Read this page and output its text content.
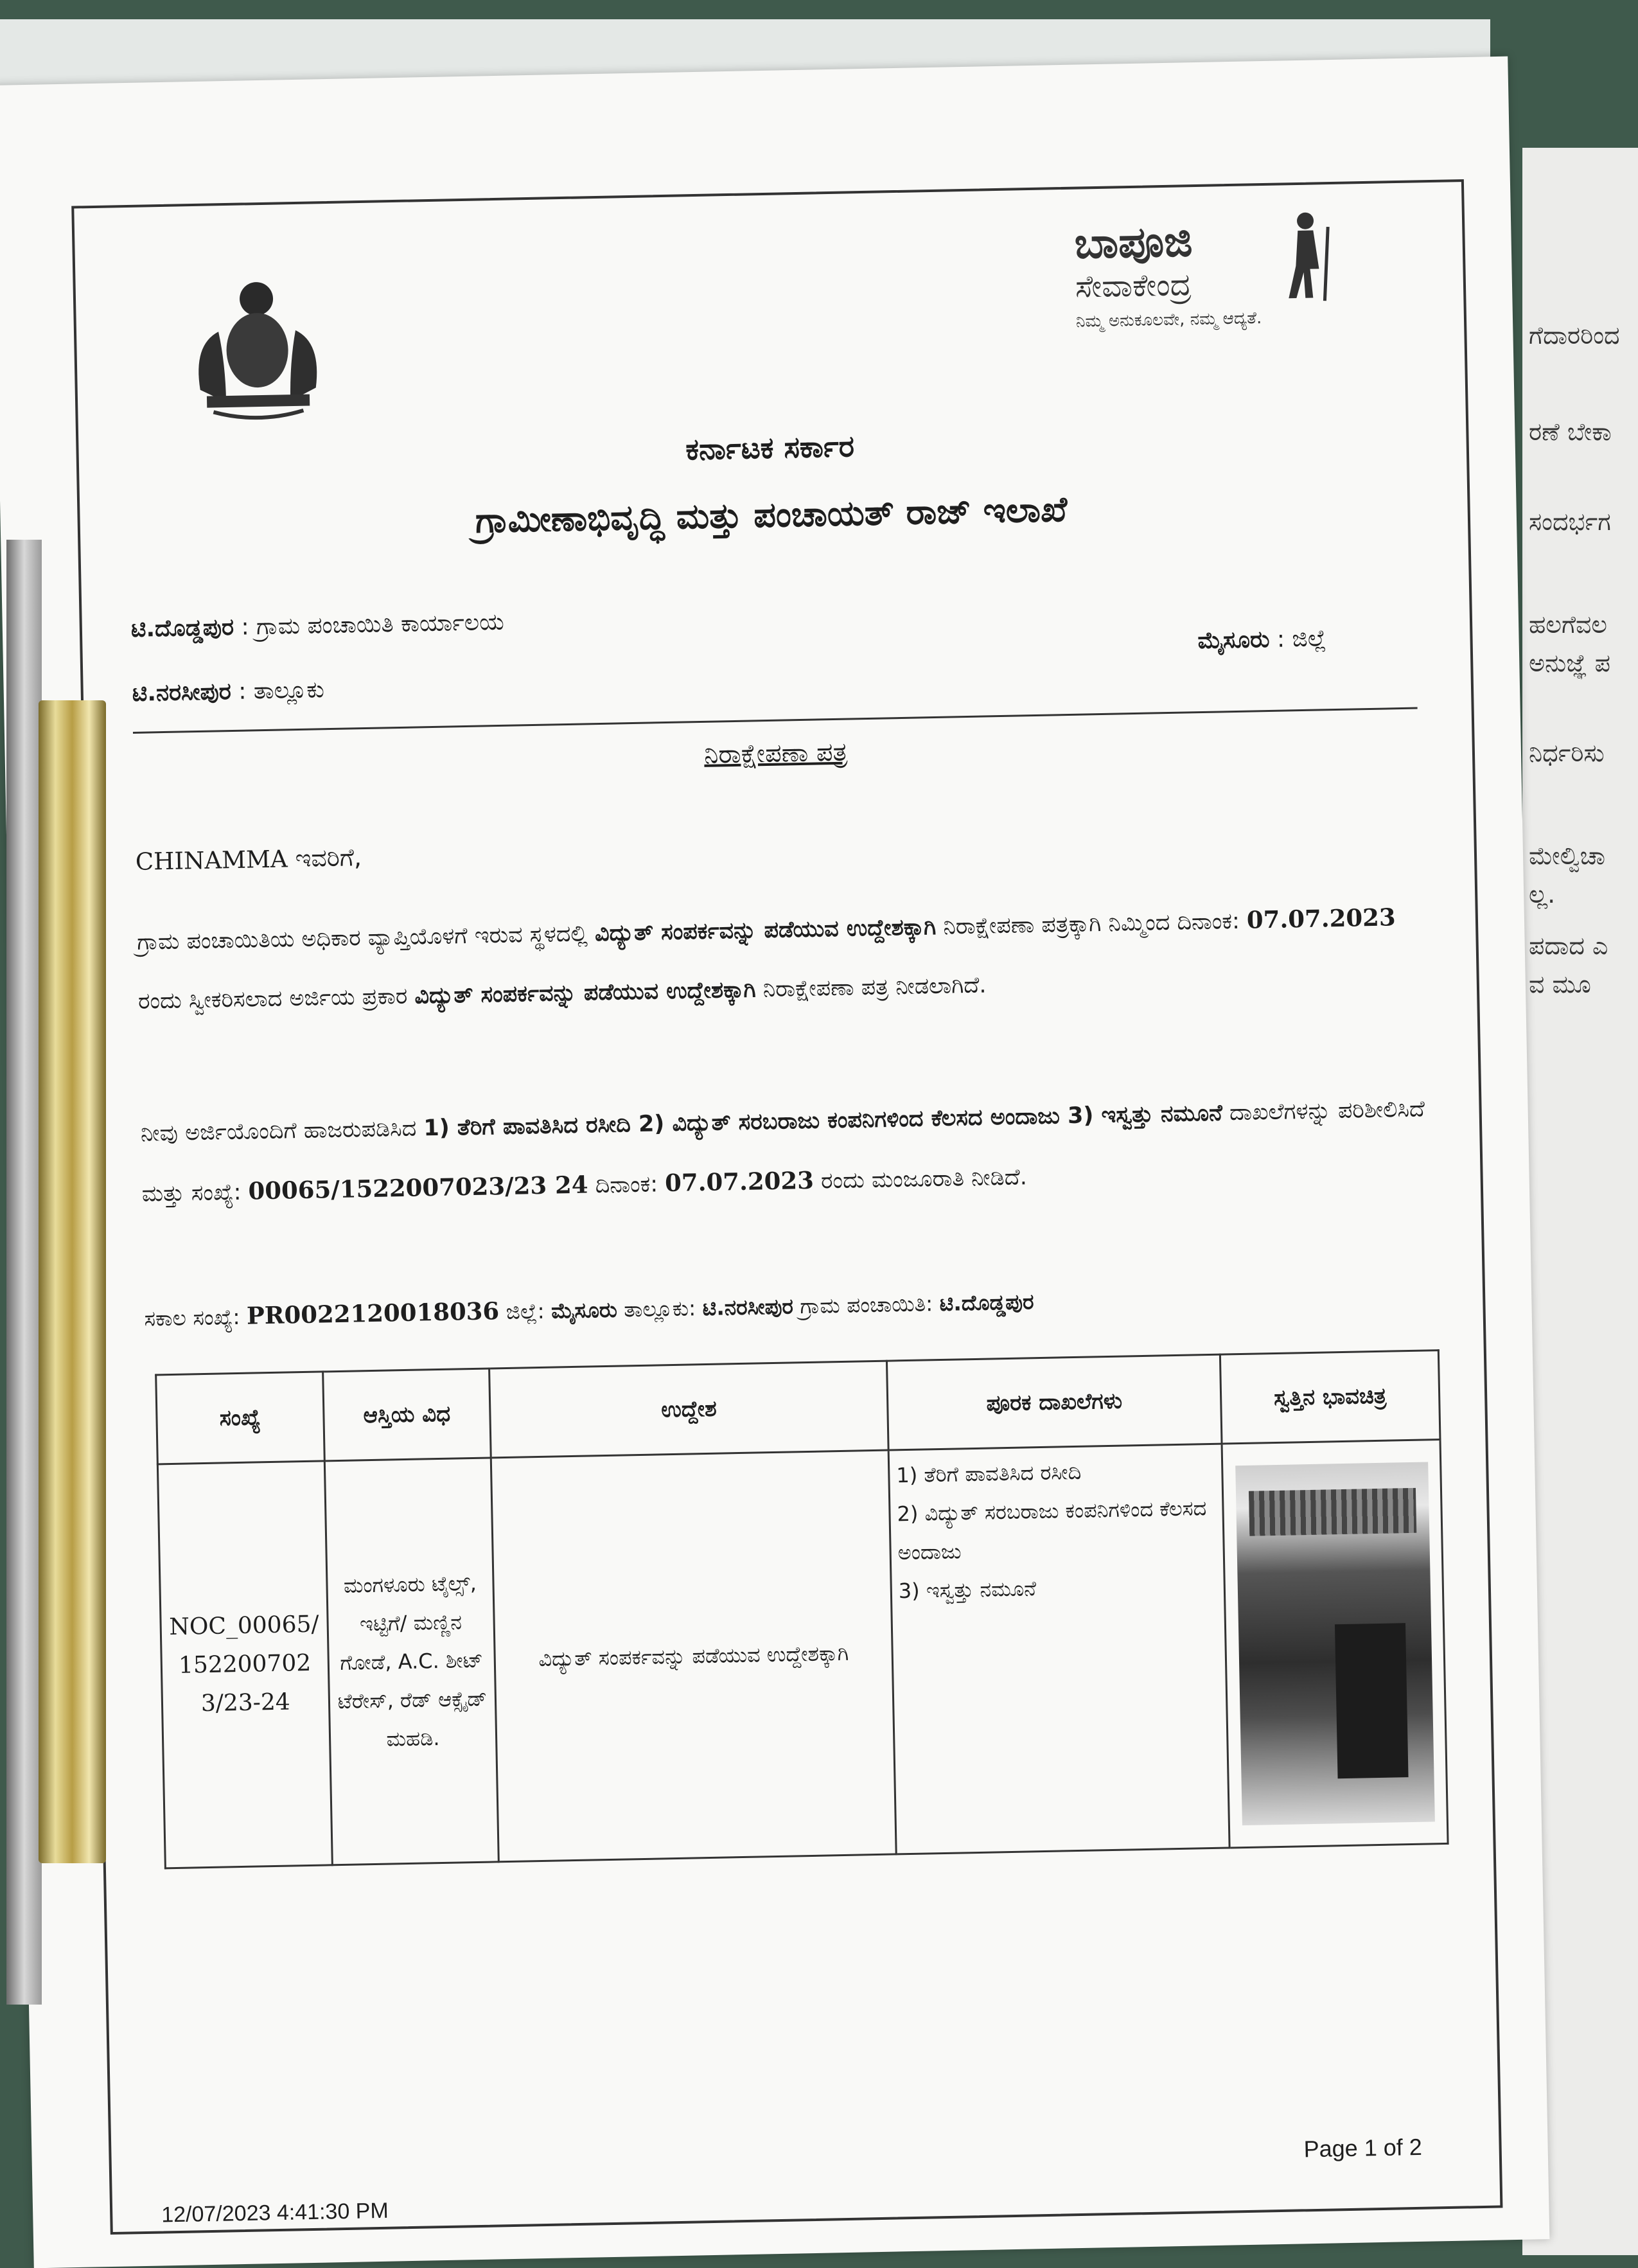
ಗೆದಾರರಿಂದ
ರಣೆ ಬೇಕಾ
ಸಂದರ್ಭಗ
ಹಲಗೆವಲ
ಅನುಜ್ಞೆ ಪ
ನಿರ್ಧರಿಸು
ಮೇಲ್ವಿಚಾ
ಲ್ಲ.
ಪದಾದ ಎ
ವ ಮೂ
ಬಾಪೂಜಿ
ಸೇವಾಕೇಂದ್ರ
ನಿಮ್ಮ ಅನುಕೂಲವೇ, ನಮ್ಮ ಆದ್ಯತೆ.
ಕರ್ನಾಟಕ ಸರ್ಕಾರ
ಗ್ರಾಮೀಣಾಭಿವೃದ್ಧಿ ಮತ್ತು ಪಂಚಾಯತ್ ರಾಜ್ ಇಲಾಖೆ
ಟಿ.ದೊಡ್ಡಪುರ : ಗ್ರಾಮ ಪಂಚಾಯಿತಿ ಕಾರ್ಯಾಲಯ	ಮೈಸೂರು : ಜಿಲ್ಲೆ
ಟಿ.ನರಸೀಪುರ : ತಾಲ್ಲೂಕು
ನಿರಾಕ್ಷೇಪಣಾ ಪತ್ರ
CHINAMMA ಇವರಿಗೆ,
ಗ್ರಾಮ ಪಂಚಾಯಿತಿಯ ಅಧಿಕಾರ ವ್ಯಾಪ್ತಿಯೊಳಗೆ ಇರುವ ಸ್ಥಳದಲ್ಲಿ ವಿದ್ಯುತ್ ಸಂಪರ್ಕವನ್ನು ಪಡೆಯುವ ಉದ್ದೇಶಕ್ಕಾಗಿ ನಿರಾಕ್ಷೇಪಣಾ ಪತ್ರಕ್ಕಾಗಿ ನಿಮ್ಮಿಂದ ದಿನಾಂಕ: 07.07.2023 ರಂದು ಸ್ವೀಕರಿಸಲಾದ ಅರ್ಜಿಯ ಪ್ರಕಾರ ವಿದ್ಯುತ್ ಸಂಪರ್ಕವನ್ನು ಪಡೆಯುವ ಉದ್ದೇಶಕ್ಕಾಗಿ ನಿರಾಕ್ಷೇಪಣಾ ಪತ್ರ ನೀಡಲಾಗಿದೆ.
ನೀವು ಅರ್ಜಿಯೊಂದಿಗೆ ಹಾಜರುಪಡಿಸಿದ 1) ತೆರಿಗೆ ಪಾವತಿಸಿದ ರಸೀದಿ 2) ವಿದ್ಯುತ್ ಸರಬರಾಜು ಕಂಪನಿಗಳಿಂದ ಕೆಲಸದ ಅಂದಾಜು 3) ಇಸ್ವತ್ತು ನಮೂನೆ ದಾಖಲೆಗಳನ್ನು ಪರಿಶೀಲಿಸಿದೆ ಮತ್ತು ಸಂಖ್ಯೆ: 00065/1522007023/23 24 ದಿನಾಂಕ: 07.07.2023 ರಂದು ಮಂಜೂರಾತಿ ನೀಡಿದೆ.
ಸಕಾಲ ಸಂಖ್ಯೆ: PR0022120018036 ಜಿಲ್ಲೆ: ಮೈಸೂರು ತಾಲ್ಲೂಕು: ಟಿ.ನರಸೀಪುರ ಗ್ರಾಮ ಪಂಚಾಯಿತಿ: ಟಿ.ದೊಡ್ಡಪುರ
ಸಂಖ್ಯೆ	ಆಸ್ತಿಯ ವಿಧ	ಉದ್ದೇಶ	ಪೂರಕ ದಾಖಲೆಗಳು	ಸ್ವತ್ತಿನ ಭಾವಚಿತ್ರ
NOC_00065/1522007023/23-24	ಮಂಗಳೂರು ಟೈಲ್ಸ್, ಇಟ್ಟಿಗೆ/ ಮಣ್ಣಿನ ಗೋಡೆ, A.C. ಶೀಟ್ ಟೆರೇಸ್, ರೆಡ್ ಆಕ್ಸೈಡ್ ಮಹಡಿ.	ವಿದ್ಯುತ್ ಸಂಪರ್ಕವನ್ನು ಪಡೆಯುವ ಉದ್ದೇಶಕ್ಕಾಗಿ	1) ತೆರಿಗೆ ಪಾವತಿಸಿದ ರಸೀದಿ
2) ವಿದ್ಯುತ್ ಸರಬರಾಜು ಕಂಪನಿಗಳಿಂದ ಕೆಲಸದ ಅಂದಾಜು
3) ಇಸ್ವತ್ತು ನಮೂನೆ	

Page 1 of 2
12/07/2023 4:41:30 PM
